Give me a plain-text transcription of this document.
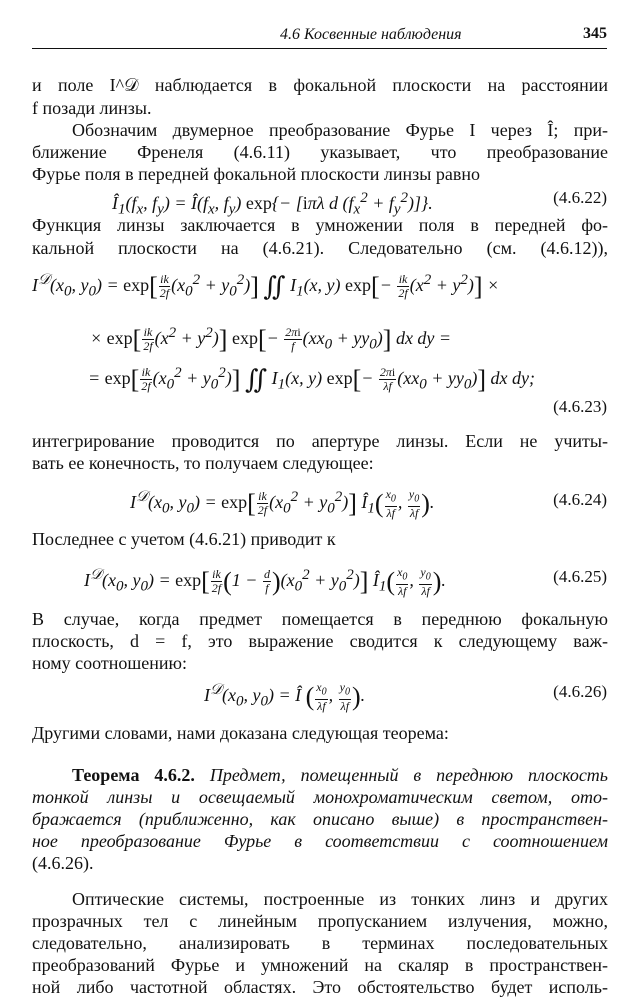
4.6 Косвенные наблюдения	345
и поле I^𝒟 наблюдается в фокальной плоскости на расстоянии
f позади линзы.
Обозначим двумерное преобразование Фурье I через Î; при-
ближение Френеля (4.6.11) указывает, что преобразование
Фурье поля в передней фокальной плоскости линзы равно
$Î_1(f_x$, $f_y$) = $Î(f_x$, $f_y$) exp{− [iπλ d $(f_x^2 + f_y^2)$]}.	(4.6.22)
Функция линзы заключается в умножении поля в передней фо-
кальной плоскости на (4.6.21). Следовательно (см. (4.6.12)),
$I^𝒟(x_0$, $y_0) = \exp[ \frac{ik}{2f} (x_0^2 + y_0^2)]$ ∬ $I_1(x$, y) $\exp[- \frac{ik}{2f} (x^2 + y^2)]$ ×
× $\exp[ \frac{ik}{2f} (x^2 + y^2)]$ $\exp[- \frac{2\pi i}{f} (xx_0 + yy_0)]$ dx dy =
= $\exp[ \frac{ik}{2f} (x_0^2 + y_0^2)]$ ∬ $I_1(x$, y) $\exp[- \frac{2\pi i}{\lambda f} (xx_0 + yy_0)]$ dx dy;
(4.6.23)
интегрирование проводится по апертуре линзы. Если не учиты-
вать ее конечность, то получаем следующее:
$I^𝒟(x_0$, $y_0) = \exp[ \frac{ik}{2f} (x_0^2 + y_0^2)]$ $Î_1( \frac{x_0}{\lambda f}$ , $\frac{y_0}{\lambda f}$ ).	(4.6.24)
Последнее с учетом (4.6.21) приводит к
$I^𝒟(x_0$, $y_0) = \exp[ \frac{ik}{2f} (1 - \frac{d}{f} )(x_0^2 + y_0^2)]$ $Î_1( \frac{x_0}{\lambda f}$ , $\frac{y_0}{\lambda f}$ ).	(4.6.25)
В случае, когда предмет помещается в переднюю фокальную
плоскость, d = f, это выражение сводится к следующему важ-
ному соотношению:
$I^𝒟(x_0$, $y_0$) = Î ( $\frac{x_0}{\lambda f}$ , $\frac{y_0}{\lambda f}$ ).	(4.6.26)
Другими словами, нами доказана следующая теорема:
Теорема 4.6.2. Предмет, помещенный в переднюю плоскость
тонкой линзы и освещаемый монохроматическим светом, ото-
бражается (приближенно, как описано выше) в пространствен-
ное преобразование Фурье в соответствии с соотношением
(4.6.26).
Оптические системы, построенные из тонких линз и других
прозрачных тел с линейным пропусканием излучения, можно,
следовательно, анализировать в терминах последовательных
преобразований Фурье и умножений на скаляр в пространствен-
ной либо частотной областях. Это обстоятельство будет исполь-
